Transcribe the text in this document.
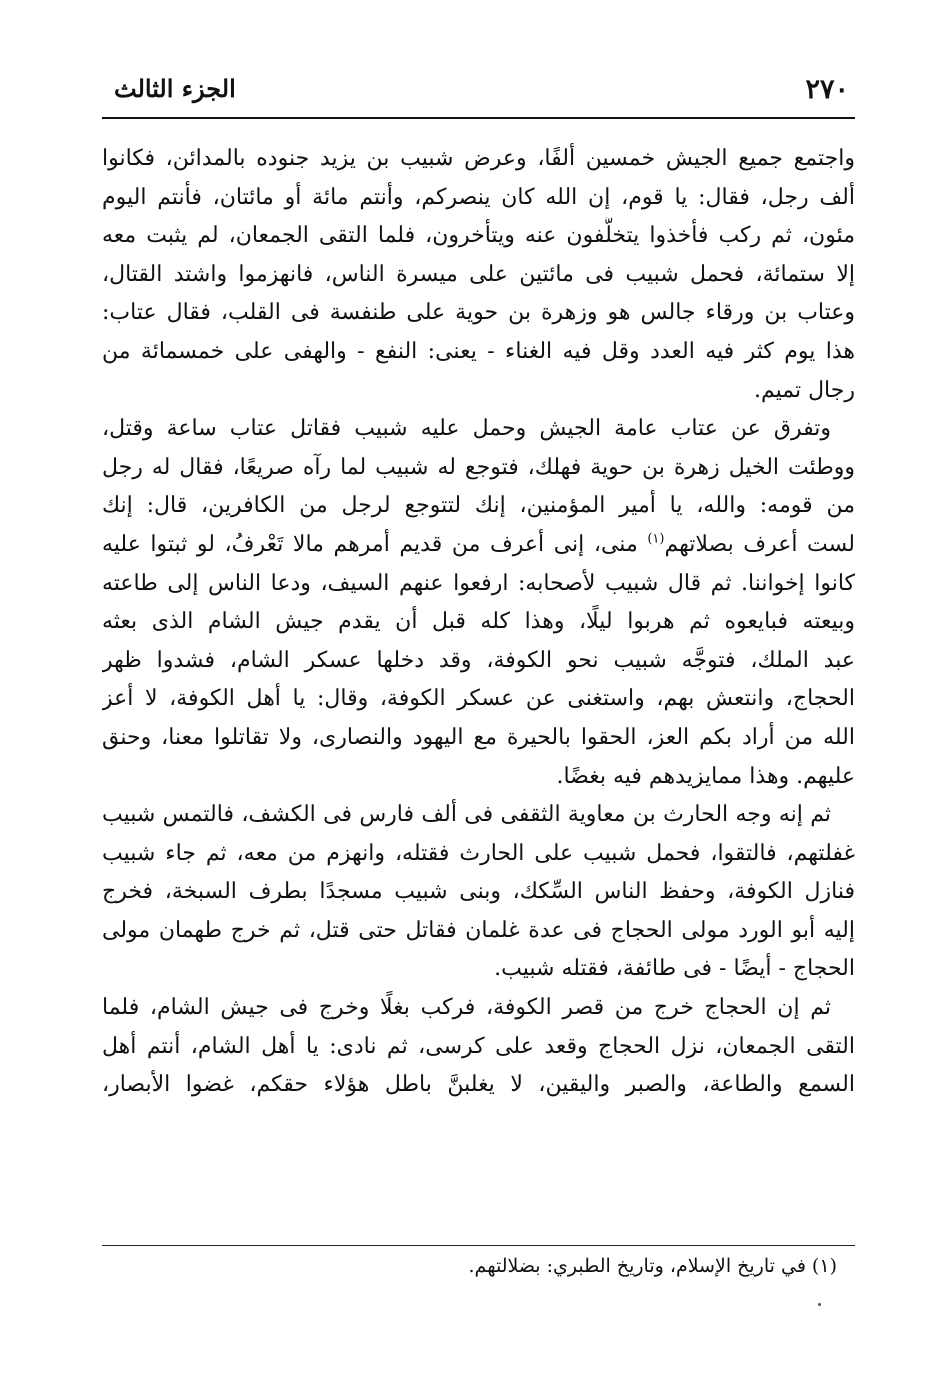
٢٧٠
الجزء الثالث
واجتمع جميع الجيش خمسين ألفًا، وعرض شبيب بن يزيد جنوده بالمدائن، فكانوا
ألف رجل، فقال: يا قوم، إن الله كان ينصركم، وأنتم مائة أو مائتان، فأنتم اليوم
مئون، ثم ركب فأخذوا يتخلَّفون عنه ويتأخرون، فلما التقى الجمعان، لم يثبت معه
إلا ستمائة، فحمل شبيب فى مائتين على ميسرة الناس، فانهزموا واشتد القتال،
وعتاب بن ورقاء جالس هو وزهرة بن حوية على طنفسة فى القلب، فقال عتاب:
هذا يوم كثر فيه العدد وقل فيه الغناء - يعنى: النفع - والهفى على خمسمائة من
رجال تميم.
وتفرق عن عتاب عامة الجيش وحمل عليه شبيب فقاتل عتاب ساعة وقتل،
ووطئت الخيل زهرة بن حوية فهلك، فتوجع له شبيب لما رآه صريعًا، فقال له رجل
من قومه: والله، يا أمير المؤمنين، إنك لتتوجع لرجل من الكافرين، قال: إنك
لست أعرف بصلاتهم$^{(١)}$ منى، إنى أعرف من قديم أمرهم مالا تَعْرفُ، لو ثبتوا عليه
كانوا إخواننا. ثم قال شبيب لأصحابه: ارفعوا عنهم السيف، ودعا الناس إلى طاعته
وبيعته فبايعوه ثم هربوا ليلًا، وهذا كله قبل أن يقدم جيش الشام الذى بعثه
عبد الملك، فتوجَّه شبيب نحو الكوفة، وقد دخلها عسكر الشام، فشدوا ظهر
الحجاج، وانتعش بهم، واستغنى عن عسكر الكوفة، وقال: يا أهل الكوفة، لا أعز
الله من أراد بكم العز، الحقوا بالحيرة مع اليهود والنصارى، ولا تقاتلوا معنا، وحنق
عليهم. وهذا ممايزيدهم فيه بغضًا.
ثم إنه وجه الحارث بن معاوية الثقفى فى ألف فارس فى الكشف، فالتمس شبيب
غفلتهم، فالتقوا، فحمل شبيب على الحارث فقتله، وانهزم من معه، ثم جاء شبيب
فنازل الكوفة، وحفظ الناس السِّكك، وبنى شبيب مسجدًا بطرف السبخة، فخرج
إليه أبو الورد مولى الحجاج فى عدة غلمان فقاتل حتى قتل، ثم خرج طهمان مولى
الحجاج - أيضًا - فى طائفة، فقتله شبيب.
ثم إن الحجاج خرج من قصر الكوفة، فركب بغلًا وخرج فى جيش الشام، فلما
التقى الجمعان، نزل الحجاج وقعد على كرسى، ثم نادى: يا أهل الشام، أنتم أهل
السمع والطاعة، والصبر واليقين، لا يغلبنَّ باطل هؤلاء حقكم، غضوا الأبصار،
(١) في تاريخ الإسلام، وتاريخ الطبري: بضلالتهم.
